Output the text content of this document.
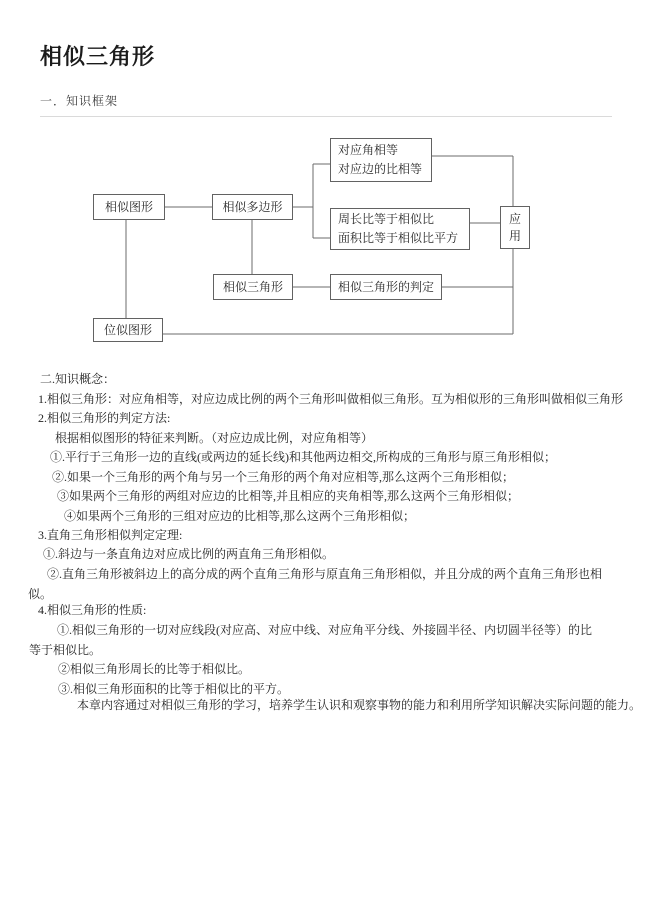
相似三角形
一．知识框架
相似图形	相似多边形
对应角相等
对应边的比相等
周长比等于相似比
面积比等于相似比平方
应
用
相似三角形	相似三角形的判定
位似图形
二.知识概念：
1.相似三角形：对应角相等，对应边成比例的两个三角形叫做相似三角形。互为相似形的三角形叫做相似三角形
2.相似三角形的判定方法:
根据相似图形的特征来判断。（对应边成比例，对应角相等）
①.平行于三角形一边的直线(或两边的延长线)和其他两边相交,所构成的三角形与原三角形相似；
②.如果一个三角形的两个角与另一个三角形的两个角对应相等,那么这两个三角形相似；
③如果两个三角形的两组对应边的比相等,并且相应的夹角相等,那么这两个三角形相似；
④如果两个三角形的三组对应边的比相等,那么这两个三角形相似；
3.直角三角形相似判定定理:
①.斜边与一条直角边对应成比例的两直角三角形相似。
②.直角三角形被斜边上的高分成的两个直角三角形与原直角三角形相似，并且分成的两个直角三角形也相
似。
4.相似三角形的性质:
①.相似三角形的一切对应线段(对应高、对应中线、对应角平分线、外接圆半径、内切圆半径等）的比
等于相似比。
②相似三角形周长的比等于相似比。
③.相似三角形面积的比等于相似比的平方。
本章内容通过对相似三角形的学习，培养学生认识和观察事物的能力和利用所学知识解决实际问题的能力。
